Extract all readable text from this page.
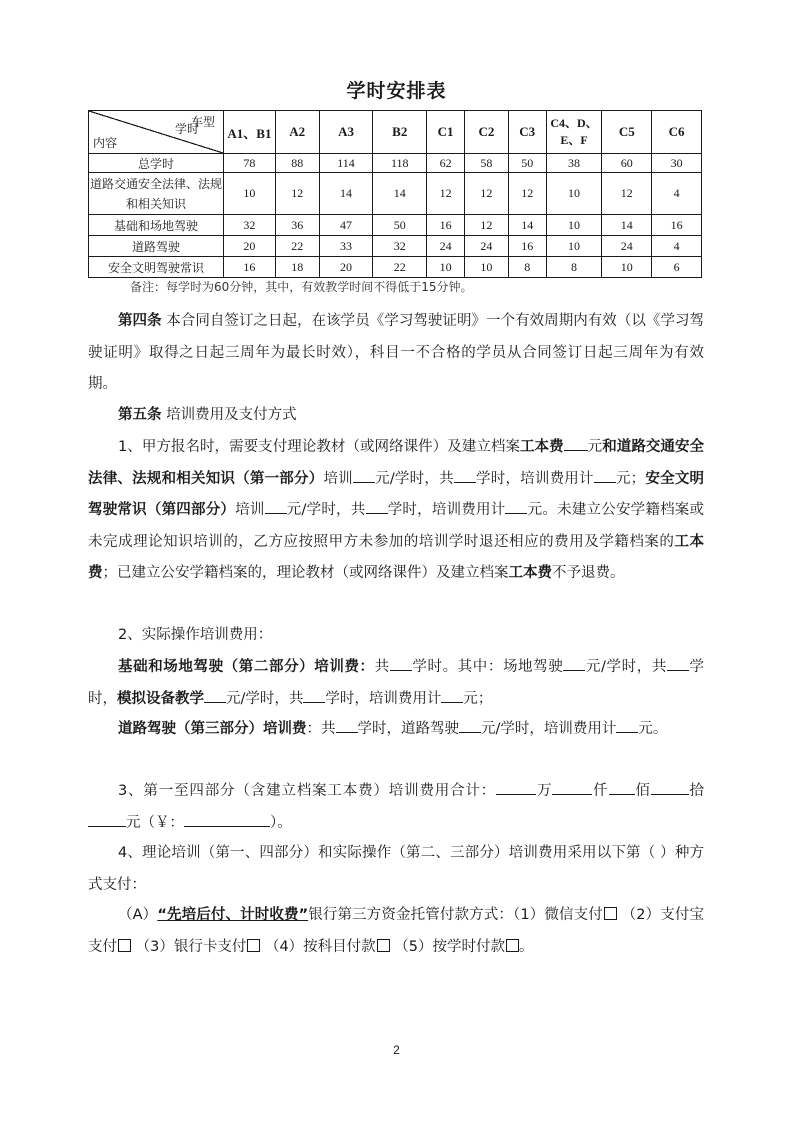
学时安排表
车型
学时
内容	A1、B1	A2	A3	B2	C1	C2	C3	C4、D、E、F	C5	C6
总学时	78	88	114	118	62	58	50	38	60	30
道路交通安全法律、法规和相关知识	10	12	14	14	12	12	12	10	12	4
基础和场地驾驶	32	36	47	50	16	12	14	10	14	16
道路驾驶	20	22	33	32	24	24	16	10	24	4
安全文明驾驶常识	16	18	20	22	10	10	8	8	10	6
备注：每学时为60分钟，其中，有效教学时间不得低于15分钟。
第四条 本合同自签订之日起，在该学员《学习驾驶证明》一个有效周期内有效（以《学习驾驶证明》取得之日起三周年为最长时效），科目一不合格的学员从合同签订日起三周年为有效期。
第五条 培训费用及支付方式
1、甲方报名时，需要支付理论教材（或网络课件）及建立档案工本费 元和道路交通安全法律、法规和相关知识（第一部分）培训 元/学时，共 学时，培训费用计 元；安全文明驾驶常识（第四部分）培训 元/学时，共 学时，培训费用计 元。未建立公安学籍档案或未完成理论知识培训的，乙方应按照甲方未参加的培训学时退还相应的费用及学籍档案的工本费；已建立公安学籍档案的，理论教材（或网络课件）及建立档案工本费不予退费。
2、实际操作培训费用：
基础和场地驾驶（第二部分）培训费：共 学时。其中：场地驾驶 元/学时，共 学时，模拟设备教学 元/学时，共 学时，培训费用计 元；
道路驾驶（第三部分）培训费：共 学时，道路驾驶 元/学时，培训费用计 元。
3、第一至四部分（含建立档案工本费）培训费用合计：	万	仟 佰	拾元（￥：	）。
4、理论培训（第一、四部分）和实际操作（第二、三部分）培训费用采用以下第（ ）种方式支付：
（A）“先培后付、计时收费”银行第三方资金托管付款方式：（1）微信支付 （2）支付宝支付 （3）银行卡支付 （4）按科目付款 （5）按学时付款 。
2
